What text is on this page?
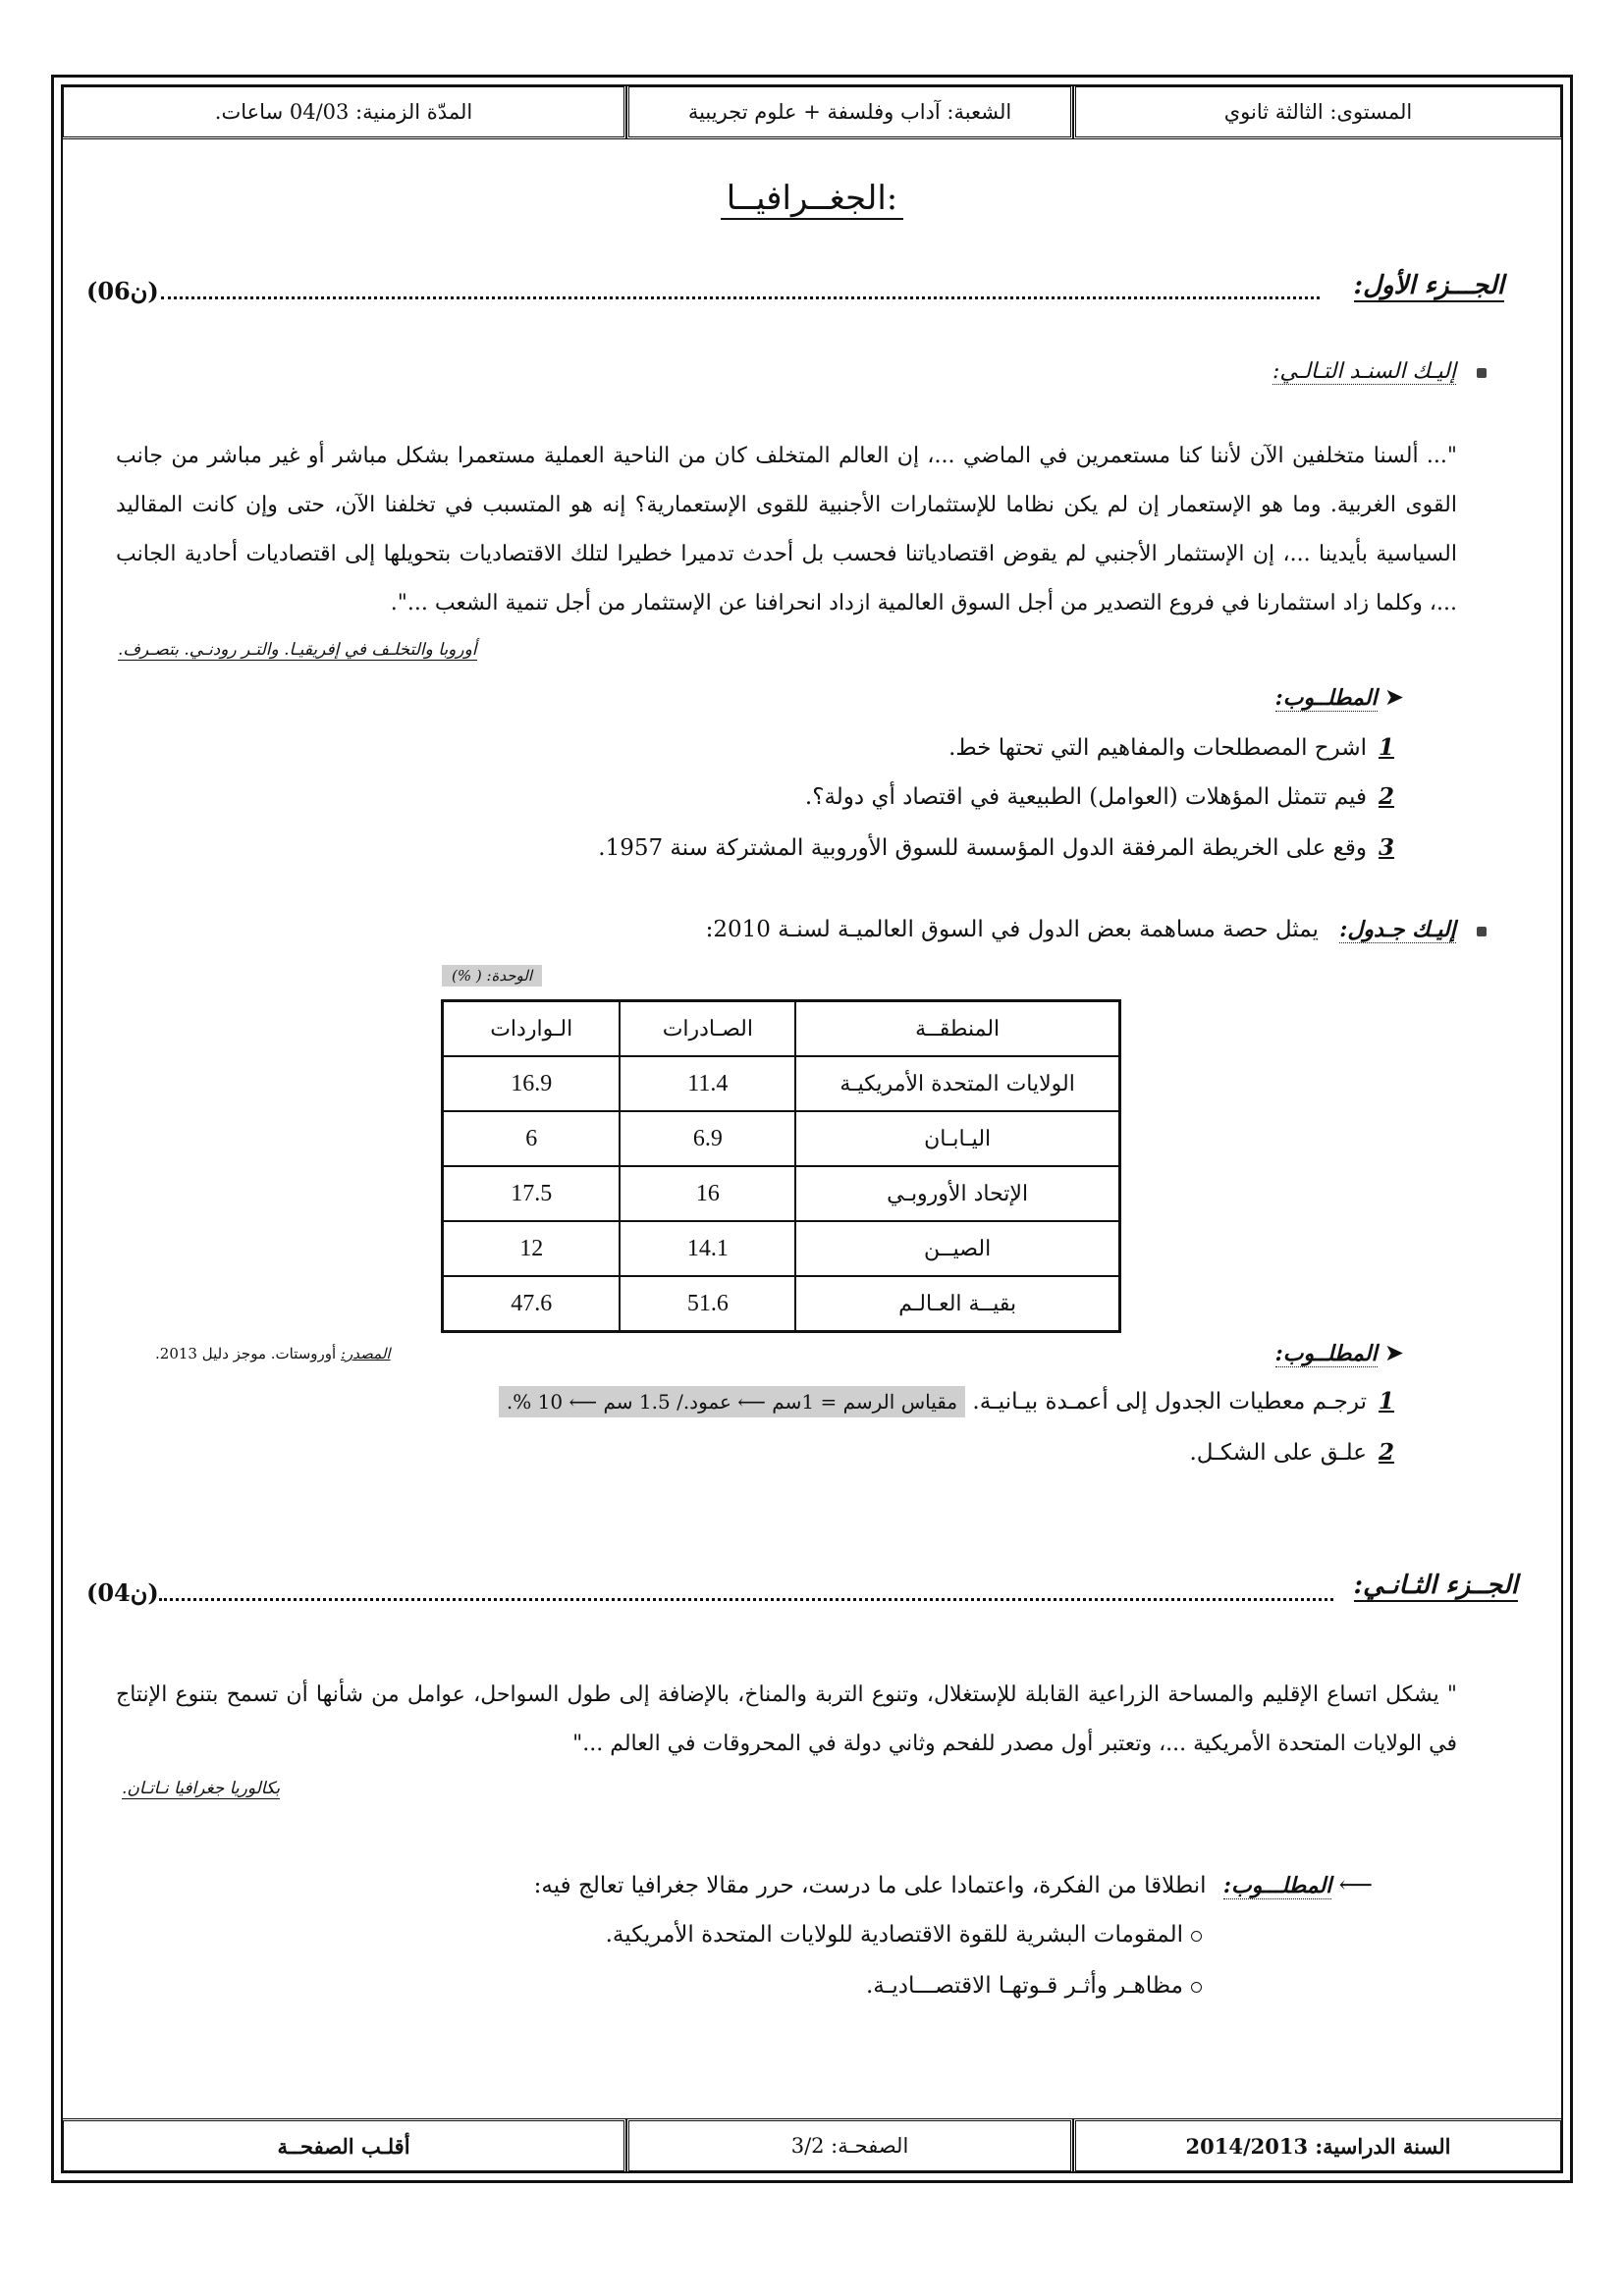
المدّة الزمنية: 04/03 ساعات.	الشعبة: آداب وفلسفة + علوم تجريبية	المستوى: الثالثة ثانوي
الجغــرافيــا:
الجـــزء الأول:
(06ن)
إليـك السنـد التـالـي:
"... ألسنا متخلفين الآن لأننا كنا مستعمرين في الماضي ...، إن العالم المتخلف كان من الناحية العملية مستعمرا بشكل مباشر أو غير مباشر من جانب القوى الغربية. وما هو الإستعمار إن لم يكن نظاما للإستثمارات الأجنبية للقوى الإستعمارية؟ إنه هو المتسبب في تخلفنا الآن، حتى وإن كانت المقاليد السياسية بأيدينا ...، إن الإستثمار الأجنبي لم يقوض اقتصادياتنا فحسب بل أحدث تدميرا خطيرا لتلك الاقتصاديات بتحويلها إلى اقتصاديات أحادية الجانب ...، وكلما زاد استثمارنا في فروع التصدير من أجل السوق العالمية ازداد انحرافنا عن الإستثمار من أجل تنمية الشعب ...".
أوروبا والتخلـف في إفريقيـا. والتـر رودنـي. بتصـرف.
➤ المطلــوب:
1اشرح المصطلحات والمفاهيم التي تحتها خط.
2فيم تتمثل المؤهلات (العوامل) الطبيعية في اقتصاد أي دولة؟.
3وقع على الخريطة المرفقة الدول المؤسسة للسوق الأوروبية المشتركة سنة 1957.
إليـك جـدول: يمثل حصة مساهمة بعض الدول في السوق العالميـة لسنـة 2010:
الوحدة: ( %)
المنطقــة	الصـادرات	الـواردات
الولايات المتحدة الأمريكيـة	11.4	16.9
اليـابـان	6.9	6
الإتحاد الأوروبـي	16	17.5
الصيــن	14.1	12
بقيــة العـالـم	51.6	47.6
➤ المطلــوب:
المصدر: أوروستات. موجز دليل 2013.
1ترجـم معطيات الجدول إلى أعمـدة بيـانيـة. مقياس الرسم = 1سم ⟵ عمود./ 1.5 سم ⟵ 10 %.
2علـق على الشكـل.
الجــزء الثـانـي:
(04ن)
" يشكل اتساع الإقليم والمساحة الزراعية القابلة للإستغلال، وتنوع التربة والمناخ، بالإضافة إلى طول السواحل، عوامل من شأنها أن تسمح بتنوع الإنتاج في الولايات المتحدة الأمريكية ...، وتعتبر أول مصدر للفحم وثاني دولة في المحروقات في العالم ..."
بكالوريا جغرافيا نـاتـان.
⟵ المطلـــوب: انطلاقا من الفكرة، واعتمادا على ما درست، حرر مقالا جغرافيا تعالج فيه:
المقومات البشرية للقوة الاقتصادية للولايات المتحدة الأمريكية.
مظاهـر وأثـر قـوتهـا الاقتصـــاديـة.
أقلـب الصفحــة	الصفحـة: 3/2	السنة الدراسية: 2014/2013
